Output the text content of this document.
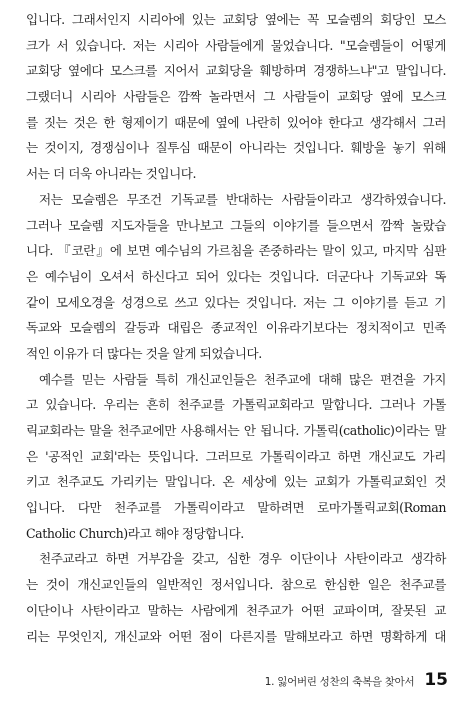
입니다. 그래서인지 시리아에 있는 교회당 옆에는 꼭 모슬렘의 회당인 모스
크가 서 있습니다. 저는 시리아 사람들에게 물었습니다. "모슬렘들이 어떻게
교회당 옆에다 모스크를 지어서 교회당을 훼방하며 경쟁하느냐"고 말입니다.
그랬더니 시리아 사람들은 깜짝 놀라면서 그 사람들이 교회당 옆에 모스크
를 짓는 것은 한 형제이기 때문에 옆에 나란히 있어야 한다고 생각해서 그러
는 것이지, 경쟁심이나 질투심 때문이 아니라는 것입니다. 훼방을 놓기 위해
서는 더 더욱 아니라는 것입니다.
저는 모슬렘은 무조건 기독교를 반대하는 사람들이라고 생각하였습니다.
그러나 모슬렘 지도자들을 만나보고 그들의 이야기를 들으면서 깜짝 놀랐습
니다. 『코란』에 보면 예수님의 가르침을 존중하라는 말이 있고, 마지막 심판
은 예수님이 오셔서 하신다고 되어 있다는 것입니다. 더군다나 기독교와 똑
같이 모세오경을 성경으로 쓰고 있다는 것입니다. 저는 그 이야기를 듣고 기
독교와 모슬렘의 갈등과 대립은 종교적인 이유라기보다는 정치적이고 민족
적인 이유가 더 많다는 것을 알게 되었습니다.
예수를 믿는 사람들 특히 개신교인들은 천주교에 대해 많은 편견을 가지
고 있습니다. 우리는 흔히 천주교를 가톨릭교회라고 말합니다. 그러나 가톨
릭교회라는 말을 천주교에만 사용해서는 안 됩니다. 가톨릭(catholic)이라는 말
은 '공적인 교회'라는 뜻입니다. 그러므로 가톨릭이라고 하면 개신교도 가리
키고 천주교도 가리키는 말입니다. 온 세상에 있는 교회가 가톨릭교회인 것
입니다. 다만 천주교를 가톨릭이라고 말하려면 로마가톨릭교회(Roman
Catholic Church)라고 해야 정당합니다.
천주교라고 하면 거부감을 갖고, 심한 경우 이단이나 사탄이라고 생각하
는 것이 개신교인들의 일반적인 정서입니다. 참으로 한심한 일은 천주교를
이단이나 사탄이라고 말하는 사람에게 천주교가 어떤 교파이며, 잘못된 교
리는 무엇인지, 개신교와 어떤 점이 다른지를 말해보라고 하면 명확하게 대
1. 잃어버린 성찬의 축복을 찾아서 15
